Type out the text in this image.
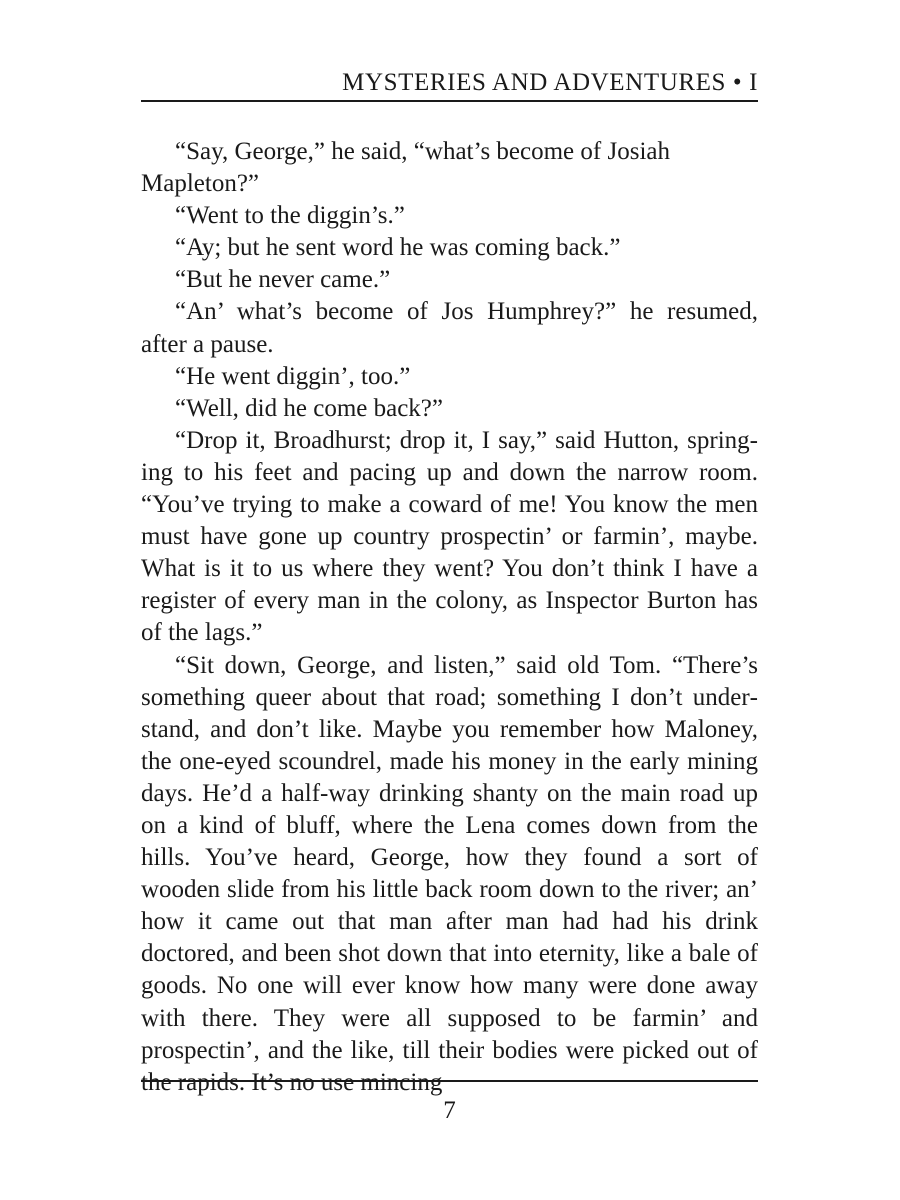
MYSTERIES AND ADVENTURES • I

“Say, George,” he said, “what’s become of Josiah Mapleton?”

“Went to the diggin’s.”

“Ay; but he sent word he was coming back.”

“But he never came.”

“An’ what’s become of Jos Humphrey?” he resumed, after a pause.

“He went diggin’, too.”

“Well, did he come back?”

“Drop it, Broadhurst; drop it, I say,” said Hutton, springing to his feet and pacing up and down the narrow room. “You’ve trying to make a coward of me! You know the men must have gone up country prospectin’ or farmin’, maybe. What is it to us where they went? You don’t think I have a register of every man in the colony, as Inspector Burton has of the lags.”

“Sit down, George, and listen,” said old Tom. “There’s something queer about that road; something I don’t understand, and don’t like. Maybe you remember how Maloney, the one-eyed scoundrel, made his money in the early mining days. He’d a half-way drinking shanty on the main road up on a kind of bluff, where the Lena comes down from the hills. You’ve heard, George, how they found a sort of wooden slide from his little back room down to the river; an’ how it came out that man after man had had his drink doctored, and been shot down that into eternity, like a bale of goods. No one will ever know how many were done away with there. They were all supposed to be farmin’ and prospectin’, and the like, till their bodies were picked out of the rapids. It’s no use mincing

7
